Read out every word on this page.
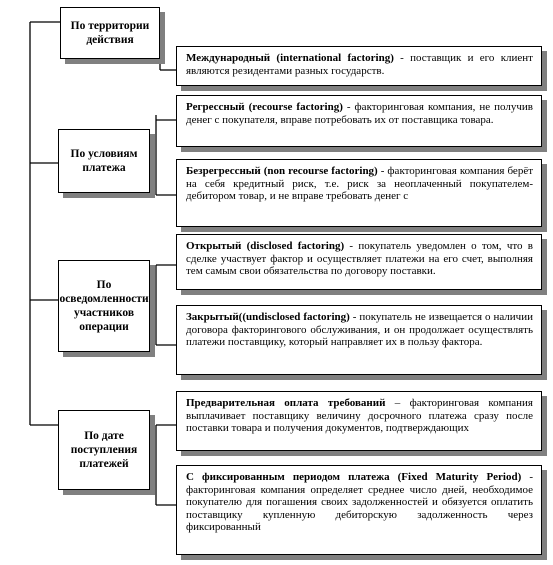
По территории действия
По условиям платежа
По осведомленности участников операции
По дате поступления платежей

Международный (international factoring) - поставщик и его клиент являются резидентами разных государств.

Регрессный (recourse factoring) - факторинговая компания, не получив денег с покупателя, вправе потребовать их от поставщика товара.

Безрегрессный (non recourse factoring) - факторинговая компания берёт на себя кредитный риск, т.е. риск за неоплаченный покупателем-дебитором товар, и не вправе требовать денег с

Открытый (disclosed factoring) - покупатель уведомлен о том, что в сделке участвует фактор и осуществляет платежи на его счет, выполняя тем самым свои обязательства по договору поставки.

Закрытый((undisclosed factoring) - покупатель не извещается о наличии договора факторингового обслуживания, и он продолжает осуществлять платежи поставщику, который направляет их в пользу фактора.

Предварительная оплата требований – факторинговая компания выплачивает поставщику величину досрочного платежа сразу после поставки товара и получения документов, подтверждающих

С фиксированным периодом платежа (Fixed Maturity Period) - факторинговая компания определяет среднее число дней, необходимое покупателю для погашения своих задолженностей и обязуется оплатить поставщику купленную дебиторскую задолженность через фиксированный
